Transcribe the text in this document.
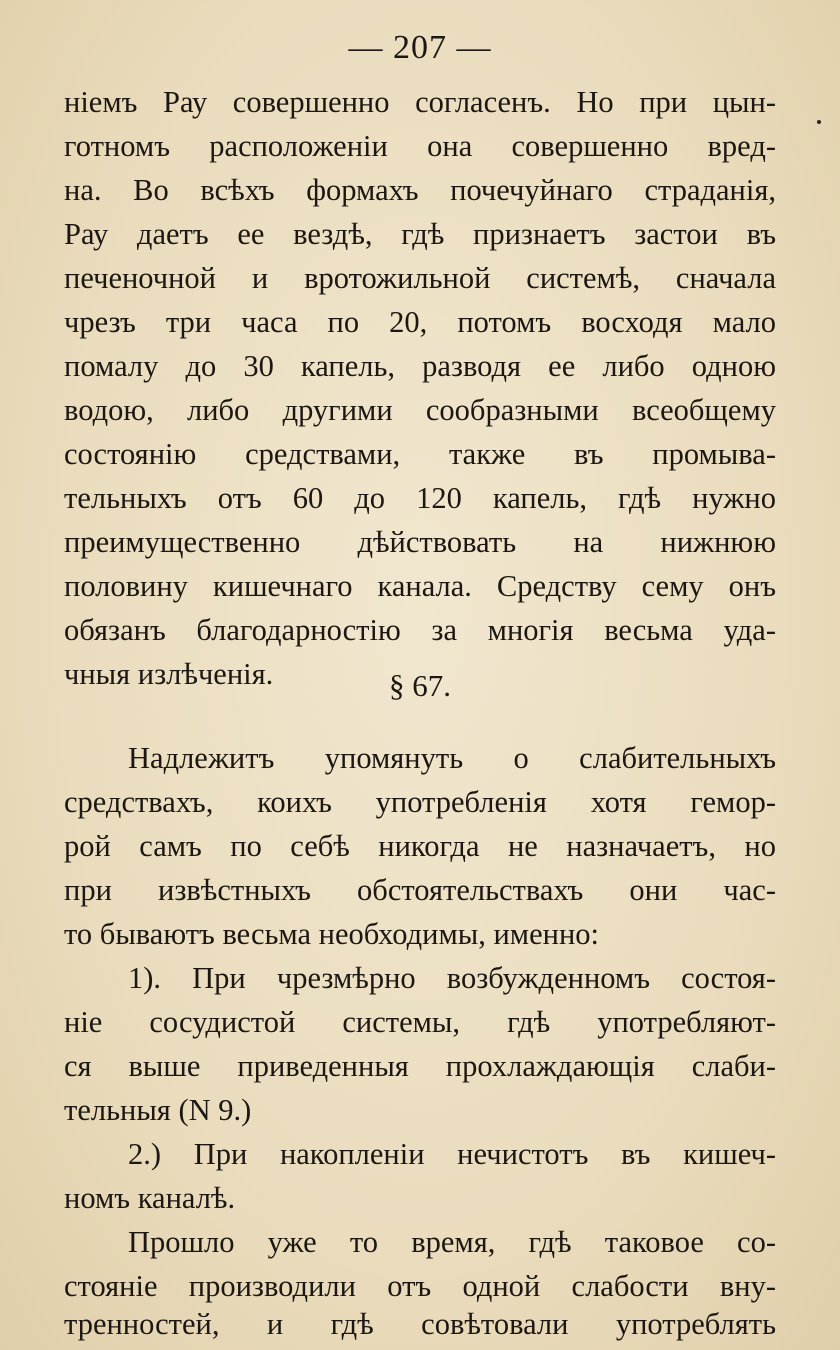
— 207 —
ніемъ Рау совершенно согласенъ. Но при цын-
готномъ расположеніи она совершенно вред-
на. Во всѣхъ формахъ почечуйнаго страданія,
Рау даетъ ее вездѣ, гдѣ признаетъ застои въ
печеночной и вротожильной системѣ, сначала
чрезъ три часа по 20, потомъ восходя мало
помалу до 30 капель, разводя ее либо одною
водою, либо другими сообразными всеобщему
состоянію средствами, также въ промыва-
тельныхъ отъ 60 до 120 капель, гдѣ нужно
преимущественно дѣйствовать на нижнюю
половину кишечнаго канала. Средству сему онъ
обязанъ благодарностію за многія весьма уда-
чныя излѣченія.	§ 67.
Надлежитъ упомянуть о слабительныхъ
средствахъ, коихъ употребленія хотя гемор-
рой самъ по себѣ никогда не назначаетъ, но
при извѣстныхъ обстоятельствахъ они час-
то бываютъ весьма необходимы, именно:
1). При чрезмѣрно возбужденномъ состоя-
ніе сосудистой системы, гдѣ употребляют-
ся выше приведенныя прохлаждающія слаби-
тельныя (N 9.)
2.) При накопленіи нечистотъ въ кишеч-
номъ каналѣ.
Прошло уже то время, гдѣ таковое со-
стояніе производили отъ одной слабости вну-
тренностей, и гдѣ совѣтовали употреблять
